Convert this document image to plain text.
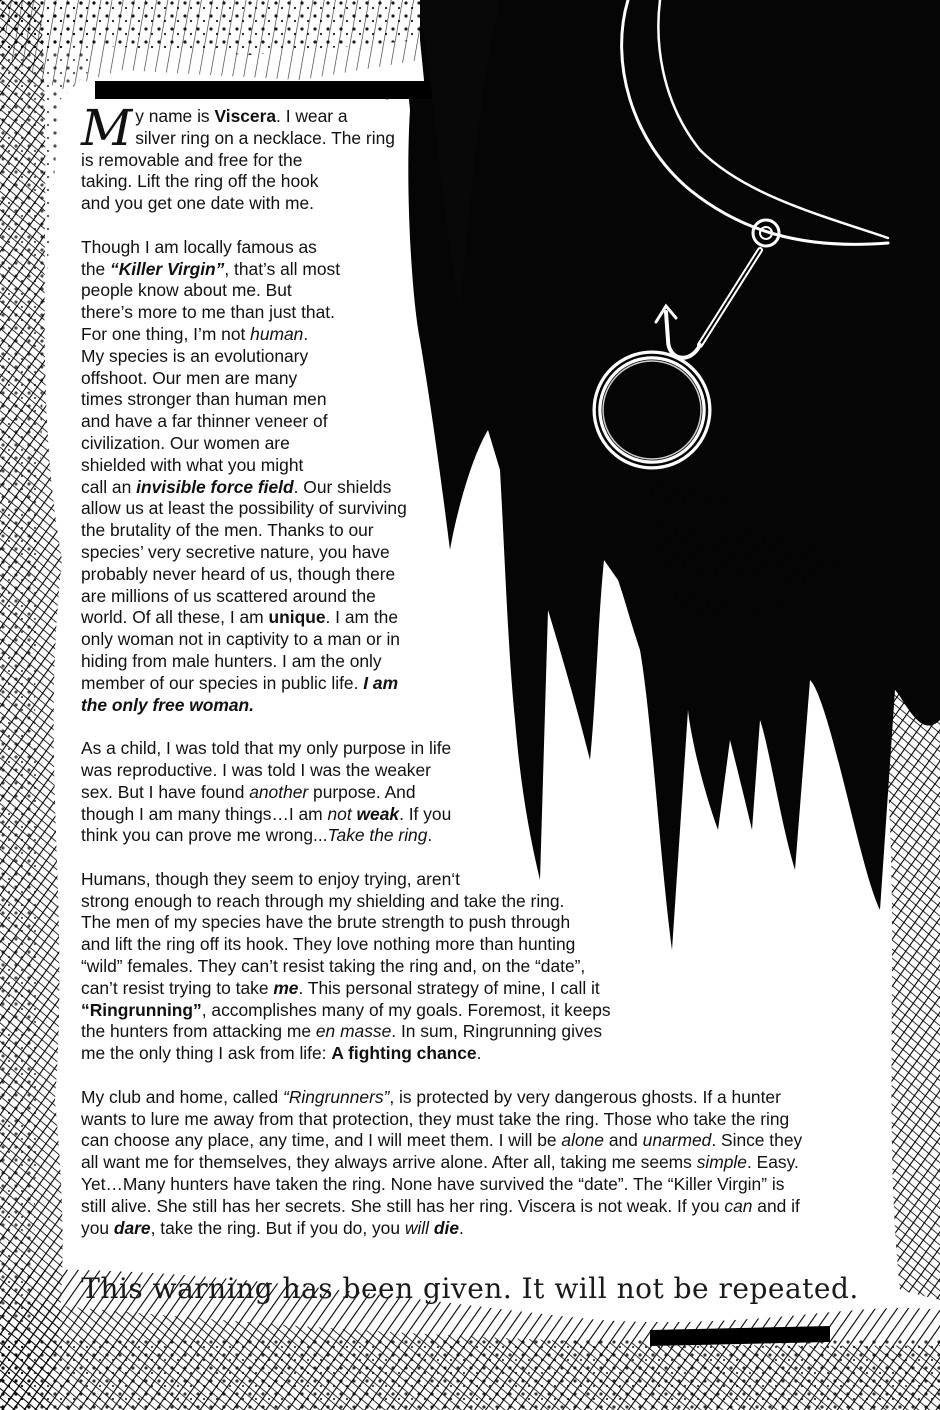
M y name is Viscera. I wear a
silver ring on a necklace. The ring
is removable and free for the
taking. Lift the ring off the hook
and you get one date with me.

Though I am locally famous as
the “Killer Virgin”, that’s all most
people know about me. But
there’s more to me than just that.
For one thing, I’m not human.
My species is an evolutionary
offshoot. Our men are many
times stronger than human men
and have a far thinner veneer of
civilization. Our women are
shielded with what you might
call an invisible force field. Our shields
allow us at least the possibility of surviving
the brutality of the men. Thanks to our
species’ very secretive nature, you have
probably never heard of us, though there
are millions of us scattered around the
world. Of all these, I am unique. I am the
only woman not in captivity to a man or in
hiding from male hunters. I am the only
member of our species in public life. I am
the only free woman.

As a child, I was told that my only purpose in life
was reproductive. I was told I was the weaker
sex. But I have found another purpose. And
though I am many things…I am not weak. If you
think you can prove me wrong...Take the ring.

Humans, though they seem to enjoy trying, aren‘t
strong enough to reach through my shielding and take the ring.
The men of my species have the brute strength to push through
and lift the ring off its hook. They love nothing more than hunting
“wild” females. They can’t resist taking the ring and, on the “date”,
can’t resist trying to take me. This personal strategy of mine, I call it
“Ringrunning”, accomplishes many of my goals. Foremost, it keeps
the hunters from attacking me en masse. In sum, Ringrunning gives
me the only thing I ask from life: A fighting chance.

My club and home, called “Ringrunners”, is protected by very dangerous ghosts. If a hunter
wants to lure me away from that protection, they must take the ring. Those who take the ring
can choose any place, any time, and I will meet them. I will be alone and unarmed. Since they
all want me for themselves, they always arrive alone. After all, taking me seems simple. Easy.
Yet…Many hunters have taken the ring. None have survived the “date”. The “Killer Virgin” is
still alive. She still has her secrets. She still has her ring. Viscera is not weak. If you can and if
you dare, take the ring. But if you do, you will die.

This warning has been given. It will not be repeated.
